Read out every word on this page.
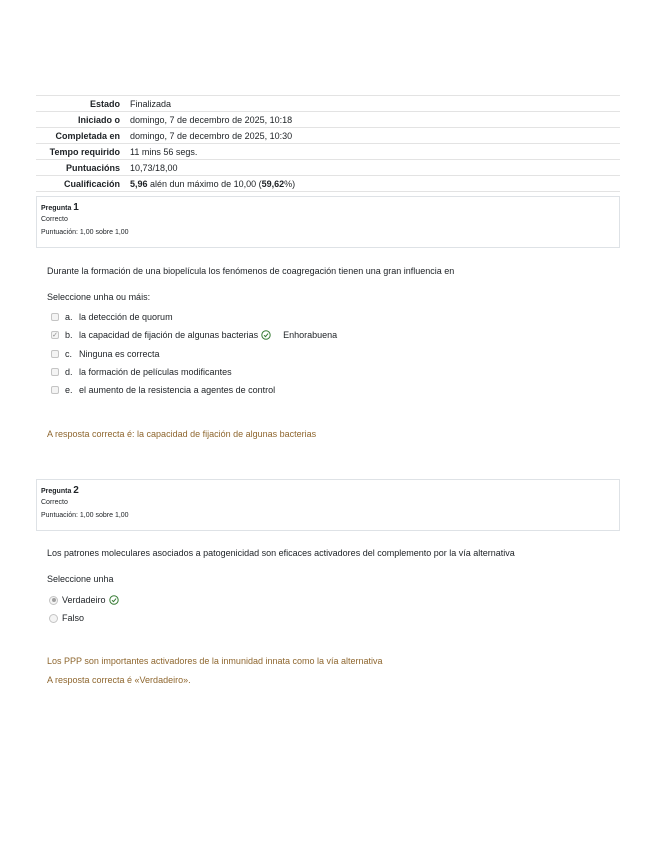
Estado	Finalizada
Iniciado o	domingo, 7 de decembro de 2025, 10:18
Completada en	domingo, 7 de decembro de 2025, 10:30
Tempo requirido	11 mins 56 segs.
Puntuacións	10,73/18,00
Cualificación	5,96 alén dun máximo de 10,00 (59,62%)
Pregunta 1
Correcto
Puntuación: 1,00 sobre 1,00
Durante la formación de una biopelícula los fenómenos de coagregación tienen una gran influencia en
Seleccione unha ou máis:
a. la detección de quorum
✓ b. la capacidad de fijación de algunas bacterias	Enhorabuena
c. Ninguna es correcta
d. la formación de películas modificantes
e. el aumento de la resistencia a agentes de control
A resposta correcta é: la capacidad de fijación de algunas bacterias
Pregunta 2
Correcto
Puntuación: 1,00 sobre 1,00
Los patrones moleculares asociados a patogenicidad son eficaces activadores del complemento por la vía alternativa
Seleccione unha
Verdadeiro
Falso
Los PPP son importantes activadores de la inmunidad innata como la vía alternativa
A resposta correcta é «Verdadeiro».
